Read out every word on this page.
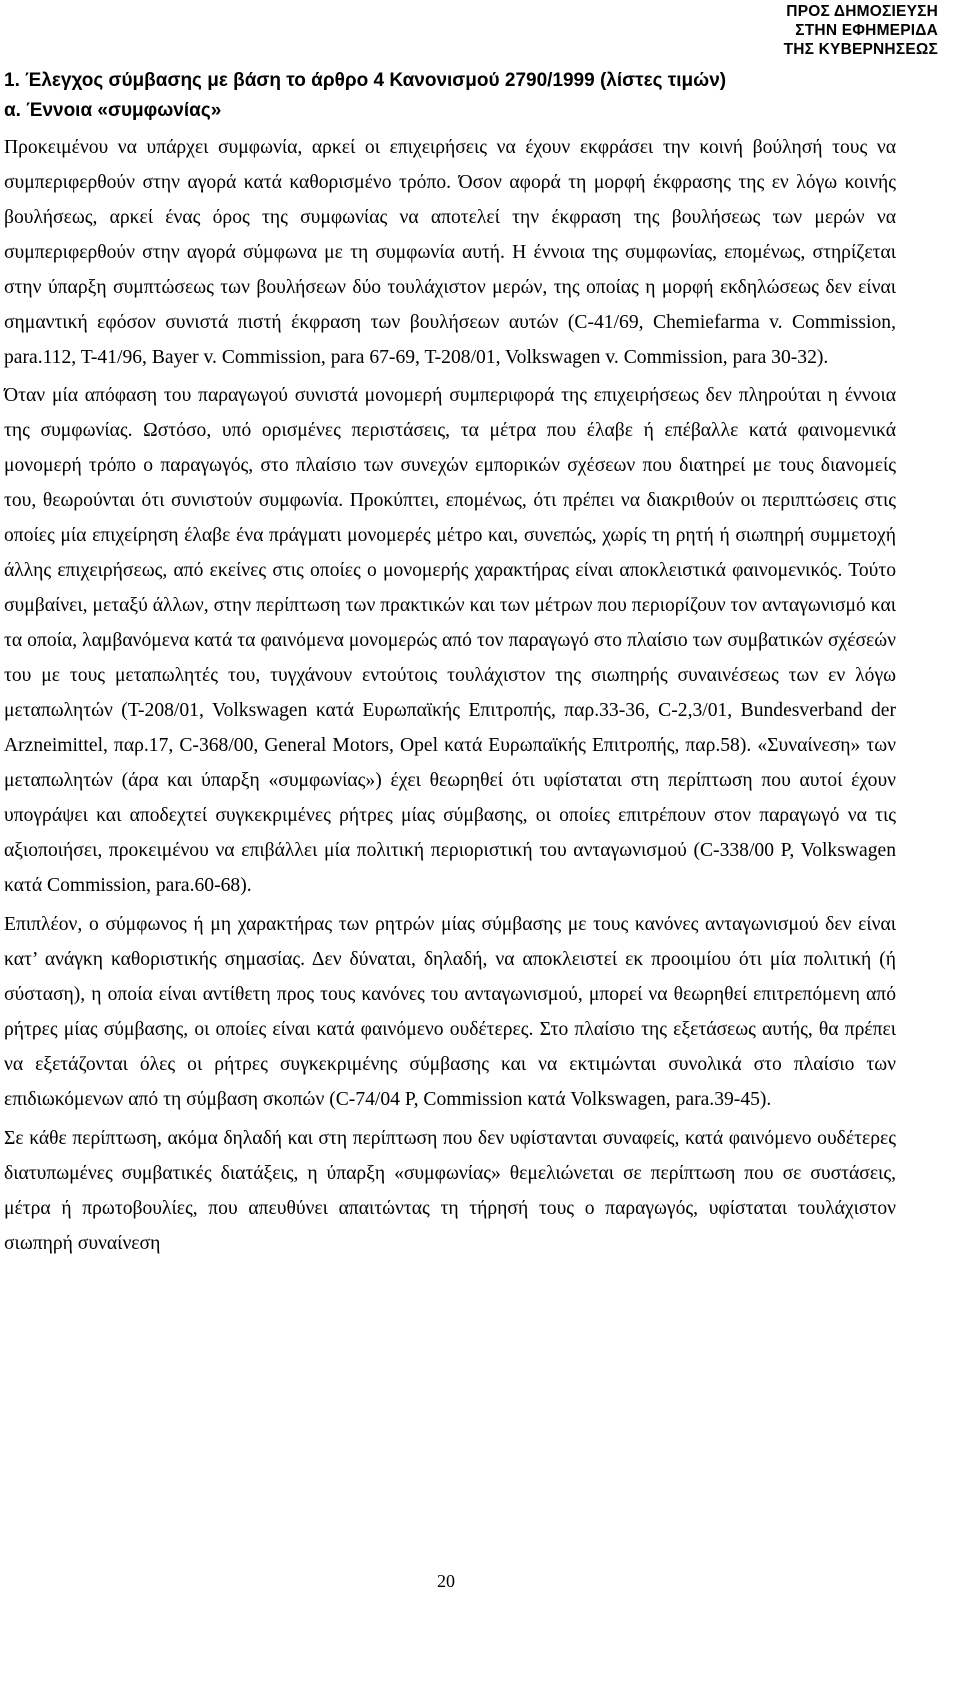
ΠΡΟΣ ΔΗΜΟΣΙΕΥΣΗ
ΣΤΗΝ ΕΦΗΜΕΡΙΔΑ
ΤΗΣ ΚΥΒΕΡΝΗΣΕΩΣ
1. Έλεγχος σύμβασης με βάση το άρθρο 4 Κανονισμού 2790/1999 (λίστες τιμών)
α. Έννοια «συμφωνίας»

Προκειμένου να υπάρχει συμφωνία, αρκεί οι επιχειρήσεις να έχουν εκφράσει την κοινή βούλησή τους να συμπεριφερθούν στην αγορά κατά καθορισμένο τρόπο. Όσον αφορά τη μορφή έκφρασης της εν λόγω κοινής βουλήσεως, αρκεί ένας όρος της συμφωνίας να αποτελεί την έκφραση της βουλήσεως των μερών να συμπεριφερθούν στην αγορά σύμφωνα με τη συμφωνία αυτή. Η έννοια της συμφωνίας, επομένως, στηρίζεται στην ύπαρξη συμπτώσεως των βουλήσεων δύο τουλάχιστον μερών, της οποίας η μορφή εκδηλώσεως δεν είναι σημαντική εφόσον συνιστά πιστή έκφραση των βουλήσεων αυτών (C-41/69, Chemiefarma v. Commission, para.112, T-41/96, Bayer v. Commission, para 67-69, T-208/01, Volkswagen v. Commission, para 30-32).

Όταν μία απόφαση του παραγωγού συνιστά μονομερή συμπεριφορά της επιχειρήσεως δεν πληρούται η έννοια της συμφωνίας. Ωστόσο, υπό ορισμένες περιστάσεις, τα μέτρα που έλαβε ή επέβαλλε κατά φαινομενικά μονομερή τρόπο ο παραγωγός, στο πλαίσιο των συνεχών εμπορικών σχέσεων που διατηρεί με τους διανομείς του, θεωρούνται ότι συνιστούν συμφωνία. Προκύπτει, επομένως, ότι πρέπει να διακριθούν οι περιπτώσεις στις οποίες μία επιχείρηση έλαβε ένα πράγματι μονομερές μέτρο και, συνεπώς, χωρίς τη ρητή ή σιωπηρή συμμετοχή άλλης επιχειρήσεως, από εκείνες στις οποίες ο μονομερής χαρακτήρας είναι αποκλειστικά φαινομενικός. Τούτο συμβαίνει, μεταξύ άλλων, στην περίπτωση των πρακτικών και των μέτρων που περιορίζουν τον ανταγωνισμό και τα οποία, λαμβανόμενα κατά τα φαινόμενα μονομερώς από τον παραγωγό στο πλαίσιο των συμβατικών σχέσεών του με τους μεταπωλητές του, τυγχάνουν εντούτοις τουλάχιστον της σιωπηρής συναινέσεως των εν λόγω μεταπωλητών (T-208/01, Volkswagen κατά Ευρωπαϊκής Επιτροπής, παρ.33-36, C-2,3/01, Bundesverband der Arzneimittel, παρ.17, C-368/00, General Motors, Opel κατά Ευρωπαϊκής Επιτροπής, παρ.58). «Συναίνεση» των μεταπωλητών (άρα και ύπαρξη «συμφωνίας») έχει θεωρηθεί ότι υφίσταται στη περίπτωση που αυτοί έχουν υπογράψει και αποδεχτεί συγκεκριμένες ρήτρες μίας σύμβασης, οι οποίες επιτρέπουν στον παραγωγό να τις αξιοποιήσει, προκειμένου να επιβάλλει μία πολιτική περιοριστική του ανταγωνισμού (C-338/00 P, Volkswagen κατά Commission, para.60-68).

Επιπλέον, ο σύμφωνος ή μη χαρακτήρας των ρητρών μίας σύμβασης με τους κανόνες ανταγωνισμού δεν είναι κατ’ ανάγκη καθοριστικής σημασίας. Δεν δύναται, δηλαδή, να αποκλειστεί εκ προοιμίου ότι μία πολιτική (ή σύσταση), η οποία είναι αντίθετη προς τους κανόνες του ανταγωνισμού, μπορεί να θεωρηθεί επιτρεπόμενη από ρήτρες μίας σύμβασης, οι οποίες είναι κατά φαινόμενο ουδέτερες. Στο πλαίσιο της εξετάσεως αυτής, θα πρέπει να εξετάζονται όλες οι ρήτρες συγκεκριμένης σύμβασης και να εκτιμώνται συνολικά στο πλαίσιο των επιδιωκόμενων από τη σύμβαση σκοπών (C-74/04 P, Commission κατά Volkswagen, para.39-45).

Σε κάθε περίπτωση, ακόμα δηλαδή και στη περίπτωση που δεν υφίστανται συναφείς, κατά φαινόμενο ουδέτερες διατυπωμένες συμβατικές διατάξεις, η ύπαρξη «συμφωνίας» θεμελιώνεται σε περίπτωση που σε συστάσεις, μέτρα ή πρωτοβουλίες, που απευθύνει απαιτώντας τη τήρησή τους ο παραγωγός, υφίσταται τουλάχιστον σιωπηρή συναίνεση

20
